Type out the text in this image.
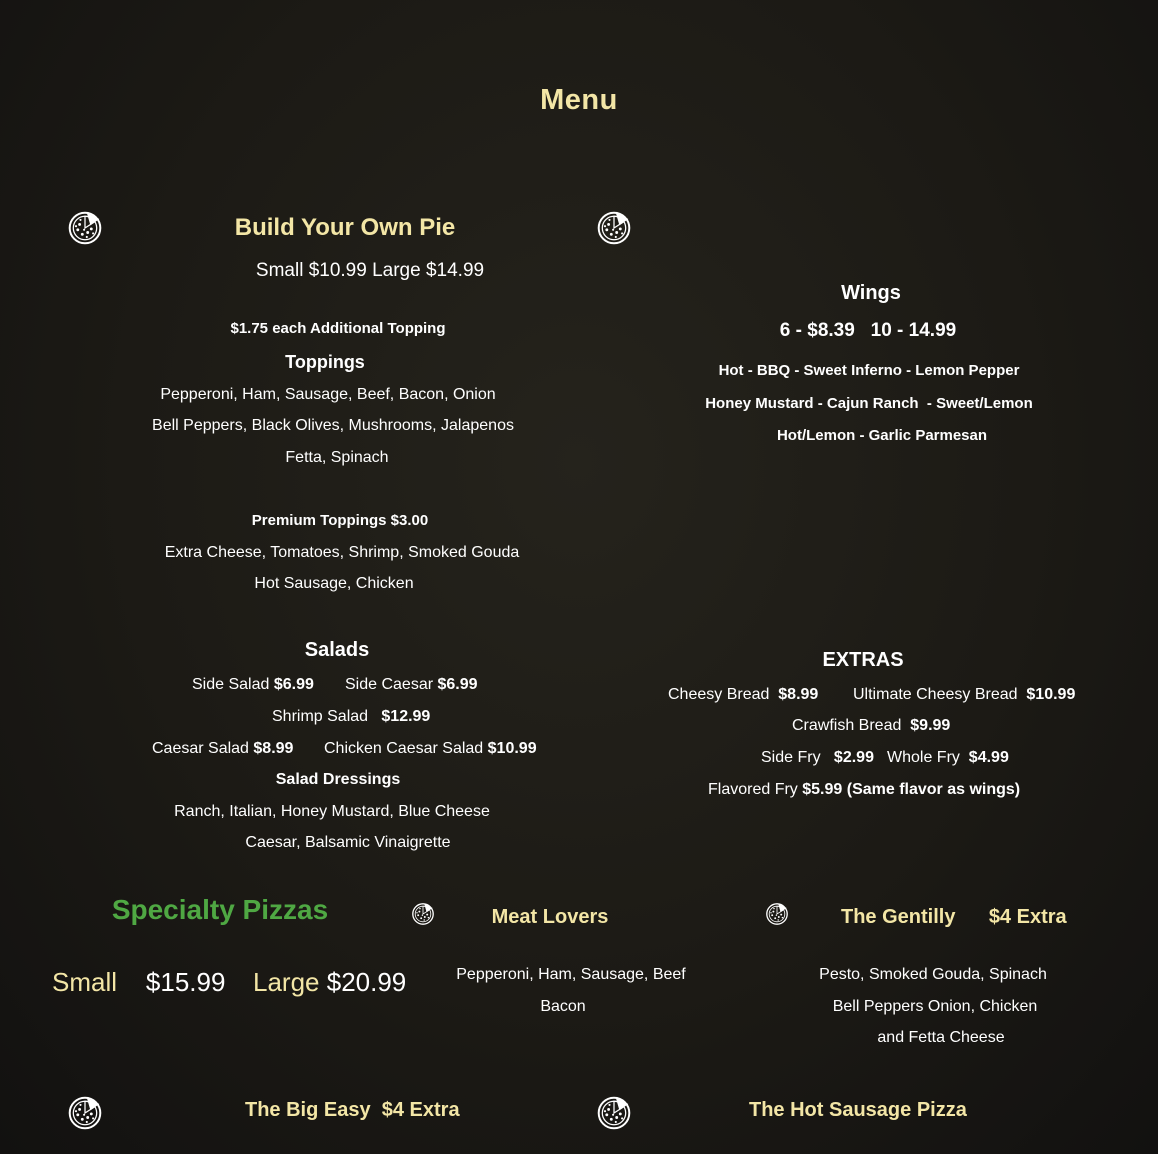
Menu
Build Your Own Pie
Small $10.99 Large $14.99
$1.75 each Additional Topping
Toppings
Pepperoni, Ham, Sausage, Beef, Bacon, Onion
Bell Peppers, Black Olives, Mushrooms, Jalapenos
Fetta, Spinach
Premium Toppings $3.00
Extra Cheese, Tomatoes, Shrimp, Smoked Gouda
Hot Sausage, Chicken
Wings
6 - $8.39   10 - 14.99
Hot - BBQ - Sweet Inferno - Lemon Pepper
Honey Mustard - Cajun Ranch  - Sweet/Lemon
Hot/Lemon - Garlic Parmesan
Salads
Side Salad $6.99 Side Caesar $6.99
Shrimp Salad $12.99
Caesar Salad $8.99 Chicken Caesar Salad $10.99
Salad Dressings
Ranch, Italian, Honey Mustard, Blue Cheese
Caesar, Balsamic Vinaigrette
EXTRAS
Cheesy Bread $8.99 Ultimate Cheesy Bread $10.99
Crawfish Bread $9.99
Side Fry $2.99 Whole Fry $4.99
Flavored Fry $5.99 (Same flavor as wings)
Specialty Pizzas
Small $15.99 Large $20.99
Meat Lovers
Pepperoni, Ham, Sausage, Beef
Bacon
The Gentilly $4 Extra
Pesto, Smoked Gouda, Spinach
Bell Peppers Onion, Chicken
and Fetta Cheese
The Big Easy $4 Extra	The Hot Sausage Pizza
